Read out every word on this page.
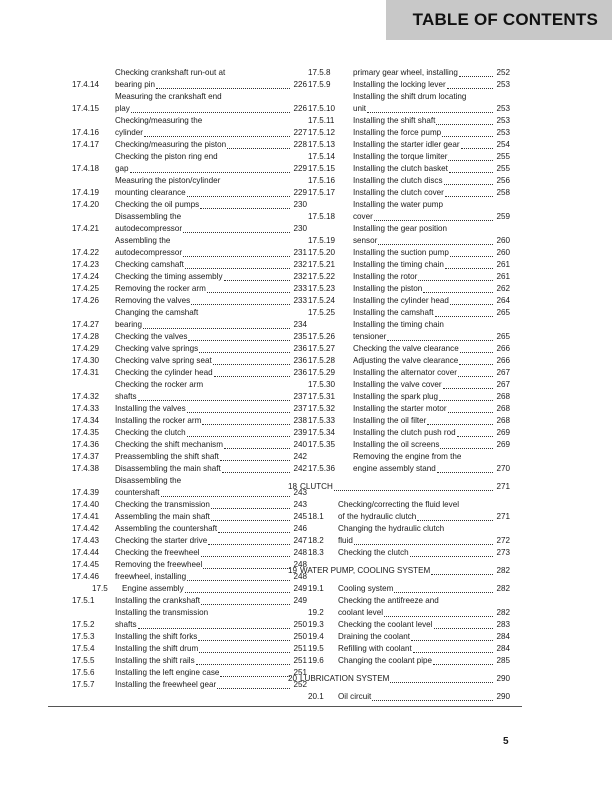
TABLE OF CONTENTS
17.4.14
Checking crankshaft run-out at
bearing pin	226
17.4.15
Measuring the crankshaft end
play	226
17.4.16
Checking/measuring the
cylinder	227
17.4.17	Checking/measuring the piston	228
17.4.18
Checking the piston ring end
gap	229
17.4.19
Measuring the piston/cylinder
mounting clearance	229
17.4.20	Checking the oil pumps	230
17.4.21
Disassembling the
autodecompressor	230
17.4.22
Assembling the
autodecompressor	231
17.4.23	Checking camshaft	232
17.4.24	Checking the timing assembly	232
17.4.25	Removing the rocker arm	233
17.4.26	Removing the valves	233
17.4.27
Changing the camshaft
bearing	234
17.4.28	Checking the valves	235
17.4.29	Checking valve springs	236
17.4.30	Checking valve spring seat	236
17.4.31	Checking the cylinder head	236
17.4.32
Checking the rocker arm
shafts	237
17.4.33	Installing the valves	237
17.4.34	Installing the rocker arm	238
17.4.35	Checking the clutch	239
17.4.36	Checking the shift mechanism	240
17.4.37	Preassembling the shift shaft	242
17.4.38	Disassembling the main shaft	242
17.4.39
Disassembling the
countershaft	243
17.4.40	Checking the transmission	243
17.4.41	Assembling the main shaft	245
17.4.42	Assembling the countershaft	246
17.4.43	Checking the starter drive	247
17.4.44	Checking the freewheel	248
17.4.45	Removing the freewheel	248
17.4.46	freewheel, installing	248
17.5	Engine assembly	249
17.5.1	Installing the crankshaft	249
17.5.2
Installing the transmission
shafts	250
17.5.3	Installing the shift forks	250
17.5.4	Installing the shift drum	251
17.5.5	Installing the shift rails	251
17.5.6	Installing the left engine case	251
17.5.7	Installing the freewheel gear	252
17.5.8	primary gear wheel, installing	252
17.5.9	Installing the locking lever	253
17.5.10
Installing the shift drum locating
unit	253
17.5.11	Installing the shift shaft	253
17.5.12	Installing the force pump	253
17.5.13	Installing the starter idler gear	254
17.5.14	Installing the torque limiter	255
17.5.15	Installing the clutch basket	255
17.5.16	Installing the clutch discs	256
17.5.17	Installing the clutch cover	258
17.5.18
Installing the water pump
cover	259
17.5.19
Installing the gear position
sensor	260
17.5.20	Installing the suction pump	260
17.5.21	Installing the timing chain	261
17.5.22	Installing the rotor	261
17.5.23	Installing the piston	262
17.5.24	Installing the cylinder head	264
17.5.25	Installing the camshaft	265
17.5.26
Installing the timing chain
tensioner	265
17.5.27	Checking the valve clearance	266
17.5.28	Adjusting the valve clearance	266
17.5.29	Installing the alternator cover	267
17.5.30	Installing the valve cover	267
17.5.31	Installing the spark plug	268
17.5.32	Installing the starter motor	268
17.5.33	Installing the oil filter	268
17.5.34	Installing the clutch push rod	269
17.5.35	Installing the oil screens	269
17.5.36
Removing the engine from the
engine assembly stand	270
18 CLUTCH	271
18.1
Checking/correcting the fluid level
of the hydraulic clutch	271
18.2
Changing the hydraulic clutch
fluid	272
18.3	Checking the clutch	273
19 WATER PUMP, COOLING SYSTEM	282
19.1	Cooling system	282
19.2
Checking the antifreeze and
coolant level	282
19.3	Checking the coolant level	283
19.4	Draining the coolant	284
19.5	Refilling with coolant	284
19.6	Changing the coolant pipe	285
20 LUBRICATION SYSTEM	290
20.1	Oil circuit	290
5
